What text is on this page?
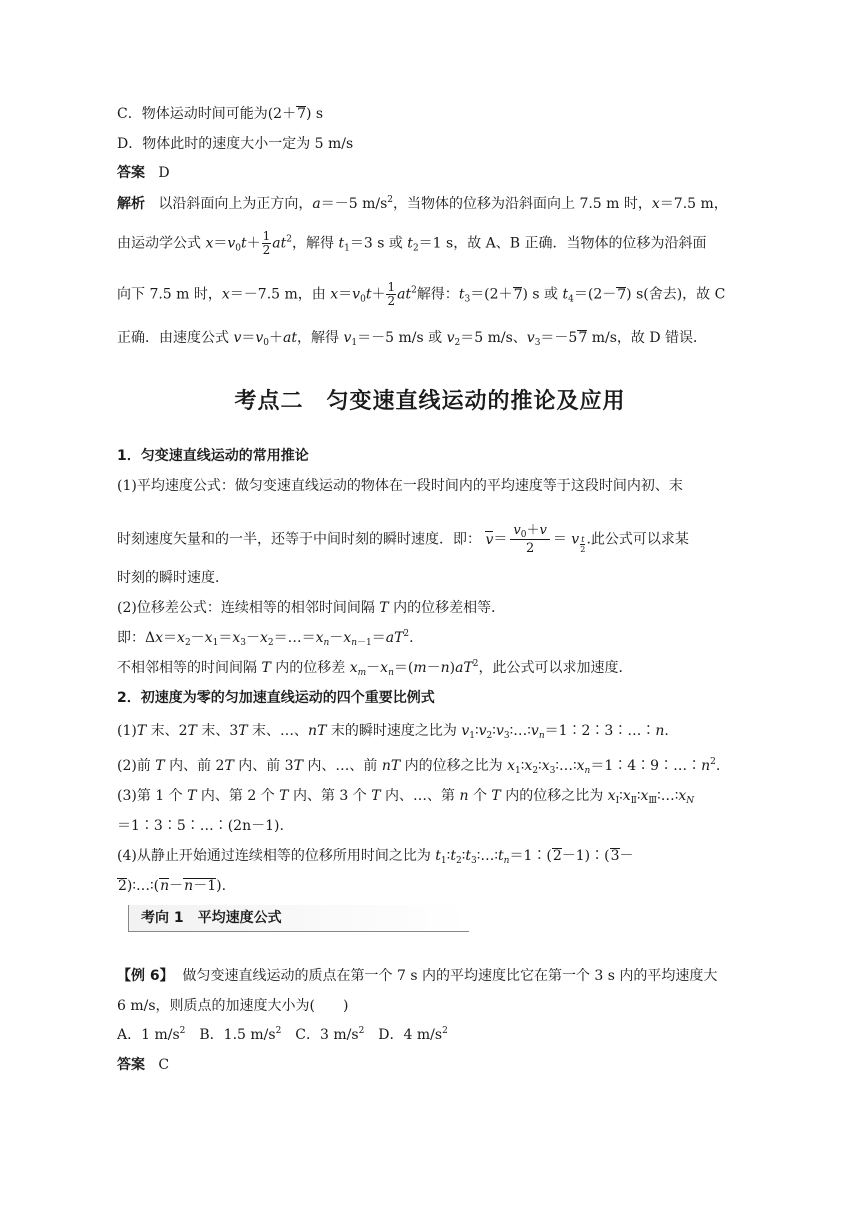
C．物体运动时间可能为(2＋7) s
D．物体此时的速度大小一定为 5 m/s
答案 D
解析   以沿斜面向上为正方向，a＝－5 $m/s^2$，当物体的位移为沿斜面向上 7.5 m 时，x＝7.5 m，
由运动学公式 $x=v_0t+ \frac{1}{2} at^2$，解得 $t_1=3$ s 或 $t_2=1$ s，故 A、B 正确．当物体的位移为沿斜面
向下 7.5 m 时，x＝－7.5 m，由 $x=v_0t+ \frac{1}{2} at^2$解得：$t_3=(2+7)$ s 或 $t_4=(2-7)$ s(舍去)，故 C
正确．由速度公式 $v=v_0+at$，解得 $v_1=-5$ m/s 或 $v_2=5$ m/s、$v_3=-57$ m/s，故 D 错误．
考点二　匀变速直线运动的推论及应用
1．匀变速直线运动的常用推论
(1)平均速度公式：做匀变速直线运动的物体在一段时间内的平均速度等于这段时间内初、末
时刻速度矢量和的一半，还等于中间时刻的瞬时速度．即： $v= \frac{v_0+v}{2} = v$ $_{\frac{t}{2}}$ .此公式可以求某
时刻的瞬时速度．
(2)位移差公式：连续相等的相邻时间间隔 T 内的位移差相等．
即：$\Delta x=x_2-x_1=x_3-x_2=\dots=x_n-x_{n-1}=aT^2$.
不相邻相等的时间间隔 T 内的位移差 $x_m-x_n=(m-n)aT^2$，此公式可以求加速度．
2．初速度为零的匀加速直线运动的四个重要比例式
(1)T 末、2T 末、3T 末、…、nT 末的瞬时速度之比为 $v_1∶v_2∶v_3∶\dots∶v_n=1∶2∶3∶\dots∶n$.
(2)前 T 内、前 2T 内、前 3T 内、…、前 nT 内的位移之比为 $x_1∶x_2∶x_3∶\dots∶x_n=1∶4∶9∶\dots∶n^2$.
(3)第 1 个 T 内、第 2 个 T 内、第 3 个 T 内、…、第 n 个 T 内的位移之比为 $x_Ⅰ∶x_Ⅱ∶x_Ⅲ∶\dots∶x_N$
＝1∶3∶5∶…∶(2n－1).
(4)从静止开始通过连续相等的位移所用时间之比为 $t_1∶t_2∶t_3∶\dots∶t_n=1∶(2-1)∶(3-$
2)∶…∶(n－n－1).
考向 1　平均速度公式
【例 6】 做匀变速直线运动的质点在第一个 7 s 内的平均速度比它在第一个 3 s 内的平均速度大
6 m/s，则质点的加速度大小为(　　)
A．1 $m/s^2$　B．1.5 $m/s^2$　C．3 $m/s^2$　D．4 $m/s^2$
答案 C
